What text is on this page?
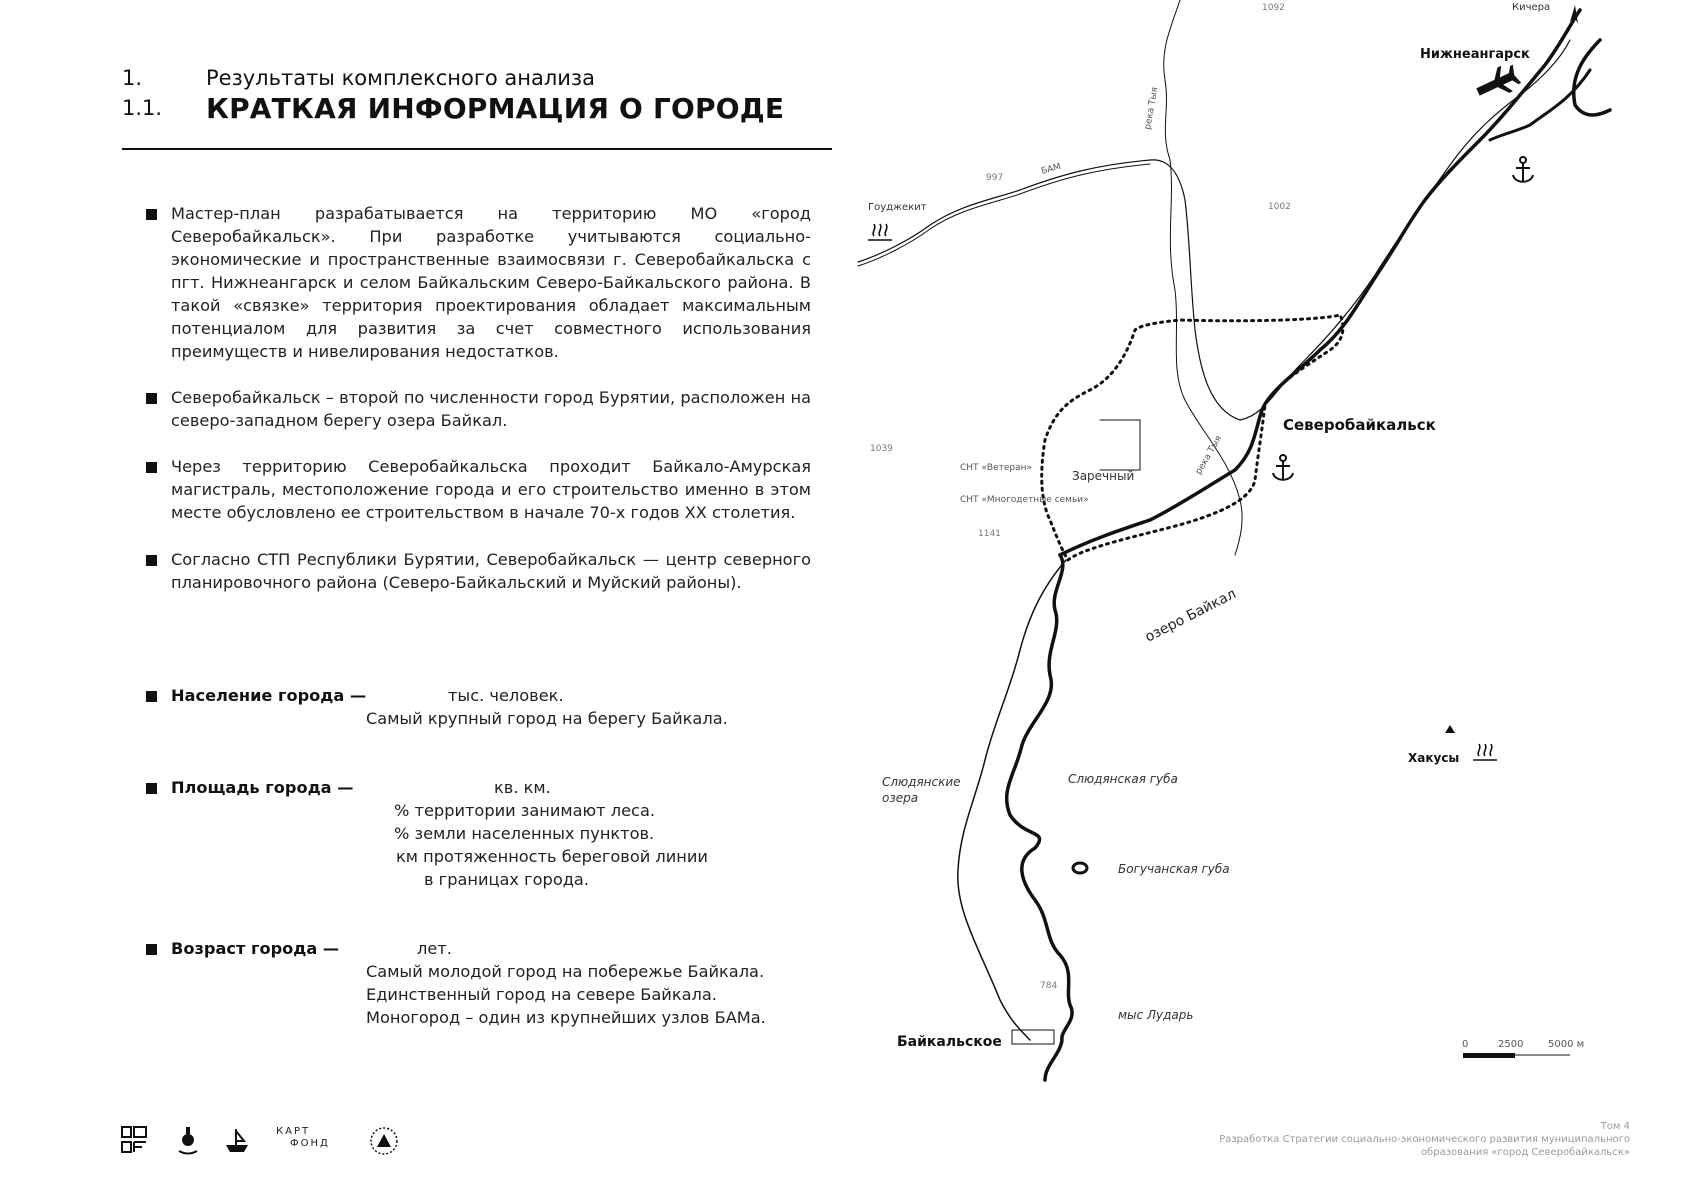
1.	Результаты комплексного анализа
1.1. КРАТКАЯ ИНФОРМАЦИЯ О ГОРОДЕ
Мастер-план разрабатывается на территорию МО «город Северобайкальск». При разработке учитываются социально-экономические и пространственные взаимосвязи г. Северобайкальска с пгт. Нижнеангарск и селом Байкальским Северо-Байкальского района. В такой «связке» территория проектирования обладает максимальным потенциалом для развития за счет совместного использования преимуществ и нивелирования недостатков.
Северобайкальск – второй по численности город Бурятии, расположен на северо-западном берегу озера Байкал.
Через территорию Северобайкальска проходит Байкало-Амурская магистраль, местоположение города и его строительство именно в этом месте обусловлено ее строительством в начале 70-х годов XX столетия.
Согласно СТП Республики Бурятии, Северобайкальск — центр северного планировочного района (Северо-Байкальский и Муйский районы).
Население города —	тыс. человек.
Самый крупный город на берегу Байкала.
Площадь города —	кв. км.
% территории занимают леса.
% земли населенных пунктов.
км протяженность береговой линии
в границах города.
Возраст города —	лет.
Самый молодой город на побережье Байкала.
Единственный город на севере Байкала.
Моногород – один из крупнейших узлов БАМа.
Нижнеангарск
Кичера
Гоуджекит
Северобайкальск
озеро Байкал
Заречный
СНТ «Ветеран»
СНТ «Многодетные семьи»
Хакусы
Слюдянская губа
Слюдянские
озера
Богучанская губа
мыс Лударь
Байкальское
река Тыя
река Тыя
БАМ
1092
997
1002
1039
1141
784
0	2500 5000 м
КАРТ
ФОНД
Том 4
Разработка Стратегии социально-экономического развития муниципального
образования «город Северобайкальск»
